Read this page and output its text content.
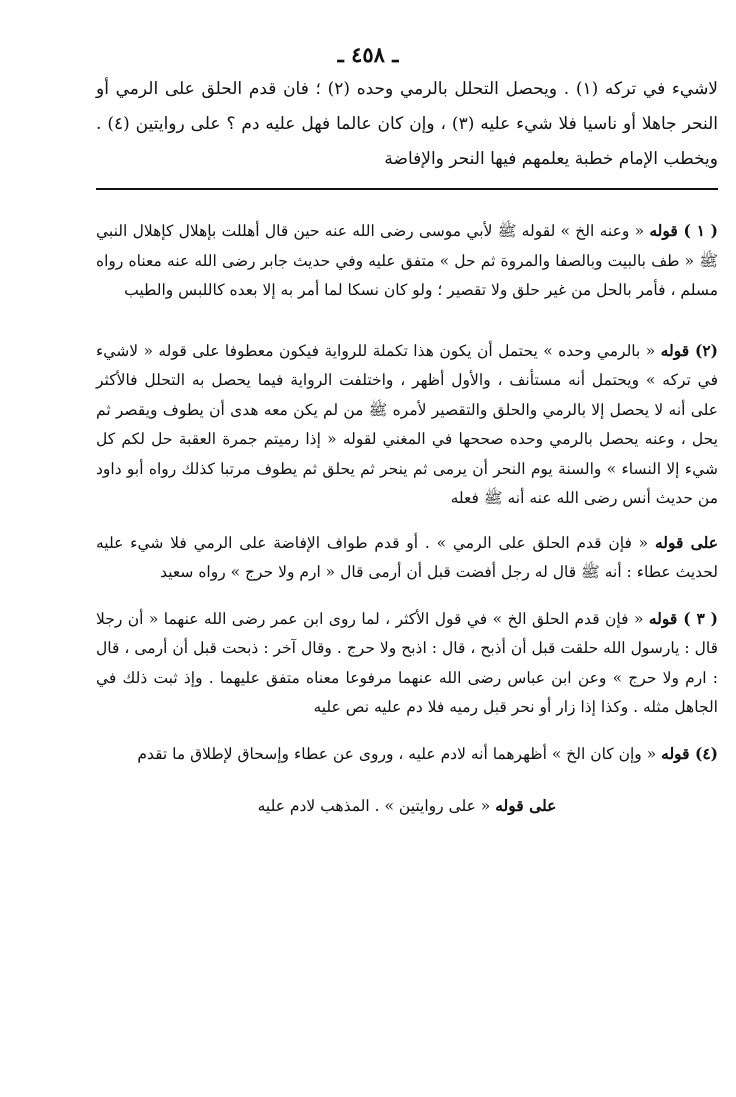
ـ ٤٥٨ ـ

لاشيء في تركه (١) . ويحصل التحلل بالرمي وحده (٢) ؛ فان قدم الحلق على الرمي أو النحر جاهلا أو ناسيا فلا شيء عليه (٣) ، وإن كان عالما فهل عليه دم ؟ على روايتين (٤) . ويخطب الإمام خطبة يعلمهم فيها النحر والإفاضة

( ١ ) قوله « وعنه الخ » لقوله ﷺ لأبي موسى رضى الله عنه حين قال أهللت بإهلال كإهلال النبي ﷺ « طف بالبيت وبالصفا والمروة ثم حل » متفق عليه وفي حديث جابر رضى الله عنه معناه رواه مسلم ، فأمر بالحل من غير حلق ولا تقصير ؛ ولو كان نسكا لما أمر به إلا بعده كاللبس والطيب

(٢) قوله « بالرمي وحده » يحتمل أن يكون هذا تكملة للرواية فيكون معطوفا على قوله « لاشيء في تركه » ويحتمل أنه مستأنف ، والأول أظهر ، واختلفت الرواية فيما يحصل به التحلل فالأكثر على أنه لا يحصل إلا بالرمي والحلق والتقصير لأمره ﷺ من لم يكن معه هدى أن يطوف ويقصر ثم يحل ، وعنه يحصل بالرمي وحده صححها في المغني لقوله « إذا رميتم جمرة العقبة حل لكم كل شيء إلا النساء » والسنة يوم النحر أن يرمى ثم ينحر ثم يحلق ثم يطوف مرتبا كذلك رواه أبو داود من حديث أنس رضى الله عنه أنه ﷺ فعله

على قوله « فإن قدم الحلق على الرمي » . أو قدم طواف الإفاضة على الرمي فلا شيء عليه لحديث عطاء : أنه ﷺ قال له رجل أفضت قبل أن أرمى قال « ارم ولا حرج » رواه سعيد

( ٣ ) قوله « فإن قدم الحلق الخ » في قول الأكثر ، لما روى ابن عمر رضى الله عنهما « أن رجلا قال : يارسول الله حلقت قبل أن أذبح ، قال : اذبح ولا حرج . وقال آخر : ذبحت قبل أن أرمى ، قال : ارم ولا حرج » وعن ابن عباس رضى الله عنهما مرفوعا معناه متفق عليهما . وإذ ثبت ذلك في الجاهل مثله . وكذا إذا زار أو نحر قبل رميه فلا دم عليه نص عليه

(٤) قوله « وإن كان الخ » أظهرهما أنه لادم عليه ، وروى عن عطاء وإسحاق لإطلاق ما تقدم

على قوله « على روايتين » . المذهب لادم عليه
